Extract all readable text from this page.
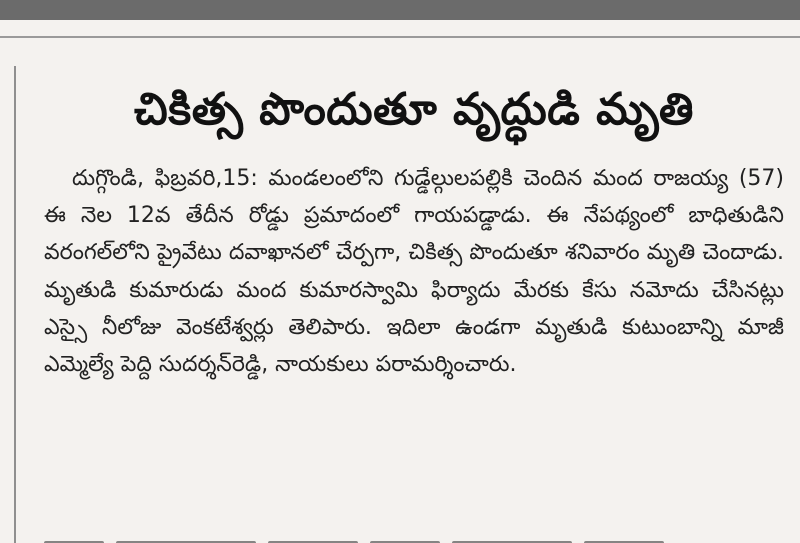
చికిత్స పొందుతూ వృద్ధుడి మృతి

దుగ్గొండి, ఫిబ్రవరి,15: మండలంలోని గుడ్డేల్గులపల్లికి చెందిన మంద రాజయ్య (57) ఈ నెల 12వ తేదీన రోడ్డు ప్రమాదంలో గాయపడ్డాడు. ఈ నేపథ్యంలో బాధితుడిని వరంగల్‌లోని ప్రైవేటు దవాఖానలో చేర్పగా, చికిత్స పొందుతూ శనివారం మృతి చెందాడు. మృతుడి కుమారుడు మంద కుమారస్వామి ఫిర్యాదు మేరకు కేసు నమోదు చేసినట్లు ఎస్సై నీలోజు వెంకటేశ్వర్లు తెలిపారు. ఇదిలా ఉండగా మృతుడి కుటుంబాన్ని మాజీ ఎమ్మెల్యే పెద్ది సుదర్శన్‌రెడ్డి, నాయకులు పరామర్శించారు.
